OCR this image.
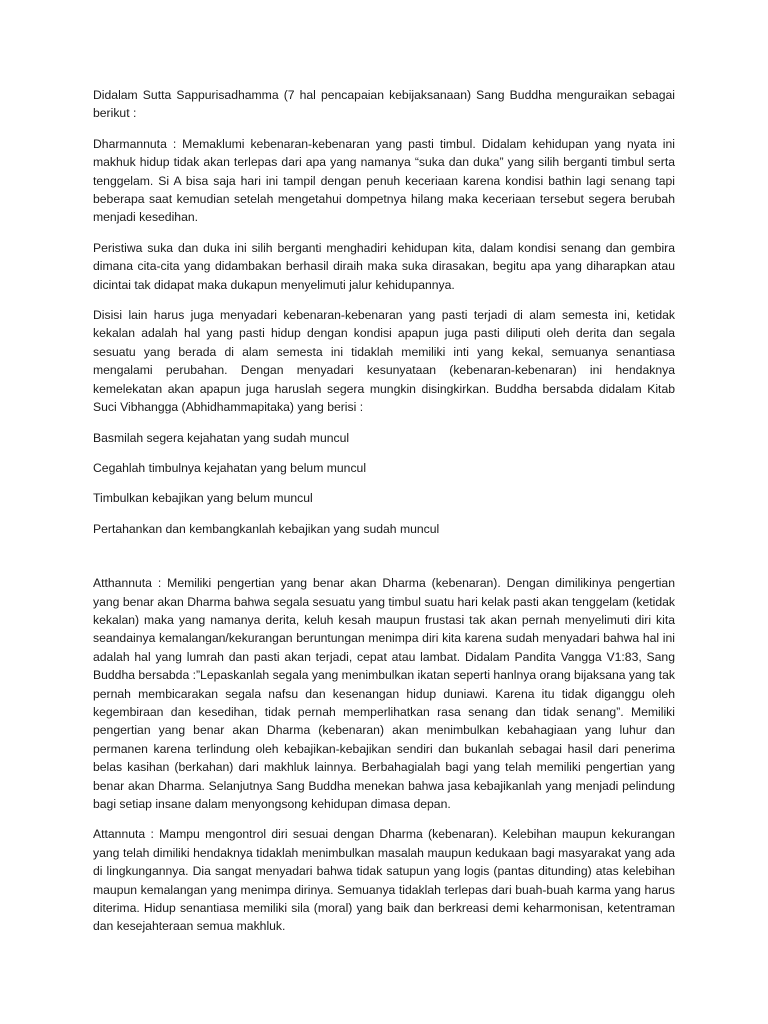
Didalam Sutta Sappurisadhamma (7 hal pencapaian kebijaksanaan) Sang Buddha menguraikan sebagai berikut :

Dharmannuta : Memaklumi kebenaran-kebenaran yang pasti timbul. Didalam kehidupan yang nyata ini makhuk hidup tidak akan terlepas dari apa yang namanya “suka dan duka” yang silih berganti timbul serta tenggelam. Si A bisa saja hari ini tampil dengan penuh keceriaan karena kondisi bathin lagi senang tapi beberapa saat kemudian setelah mengetahui dompetnya hilang maka keceriaan tersebut segera berubah menjadi kesedihan.

Peristiwa suka dan duka ini silih berganti menghadiri kehidupan kita, dalam kondisi senang dan gembira dimana cita-cita yang didambakan berhasil diraih maka suka dirasakan, begitu apa yang diharapkan atau dicintai tak didapat maka dukapun menyelimuti jalur kehidupannya.

Disisi lain harus juga menyadari kebenaran-kebenaran yang pasti terjadi di alam semesta ini, ketidak kekalan adalah hal yang pasti hidup dengan kondisi apapun juga pasti diliputi oleh derita dan segala sesuatu yang berada di alam semesta ini tidaklah memiliki inti yang kekal, semuanya senantiasa mengalami perubahan. Dengan menyadari kesunyataan (kebenaran-kebenaran) ini hendaknya kemelekatan akan apapun juga haruslah segera mungkin disingkirkan. Buddha bersabda didalam Kitab Suci Vibhangga (Abhidhammapitaka) yang berisi :

Basmilah segera kejahatan yang sudah muncul

Cegahlah timbulnya kejahatan yang belum muncul

Timbulkan kebajikan yang belum muncul

Pertahankan dan kembangkanlah kebajikan yang sudah muncul

Atthannuta : Memiliki pengertian yang benar akan Dharma (kebenaran). Dengan dimilikinya pengertian yang benar akan Dharma bahwa segala sesuatu yang timbul suatu hari kelak pasti akan tenggelam (ketidak kekalan) maka yang namanya derita, keluh kesah maupun frustasi tak akan pernah menyelimuti diri kita seandainya kemalangan/kekurangan beruntungan menimpa diri kita karena sudah menyadari bahwa hal ini adalah hal yang lumrah dan pasti akan terjadi, cepat atau lambat. Didalam Pandita Vangga V1:83, Sang Buddha bersabda :”Lepaskanlah segala yang menimbulkan ikatan seperti hanlnya orang bijaksana yang tak pernah membicarakan segala nafsu dan kesenangan hidup duniawi. Karena itu tidak diganggu oleh kegembiraan dan kesedihan, tidak pernah memperlihatkan rasa senang dan tidak senang”. Memiliki pengertian yang benar akan Dharma (kebenaran) akan menimbulkan kebahagiaan yang luhur dan permanen karena terlindung oleh kebajikan-kebajikan sendiri dan bukanlah sebagai hasil dari penerima belas kasihan (berkahan) dari makhluk lainnya. Berbahagialah bagi yang telah memiliki pengertian yang benar akan Dharma. Selanjutnya Sang Buddha menekan bahwa jasa kebajikanlah yang menjadi pelindung bagi setiap insane dalam menyongsong kehidupan dimasa depan.

Attannuta : Mampu mengontrol diri sesuai dengan Dharma (kebenaran). Kelebihan maupun kekurangan yang telah dimiliki hendaknya tidaklah menimbulkan masalah maupun kedukaan bagi masyarakat yang ada di lingkungannya. Dia sangat menyadari bahwa tidak satupun yang logis (pantas ditunding) atas kelebihan maupun kemalangan yang menimpa dirinya. Semuanya tidaklah terlepas dari buah-buah karma yang harus diterima. Hidup senantiasa memiliki sila (moral) yang baik dan berkreasi demi keharmonisan, ketentraman dan kesejahteraan semua makhluk.
